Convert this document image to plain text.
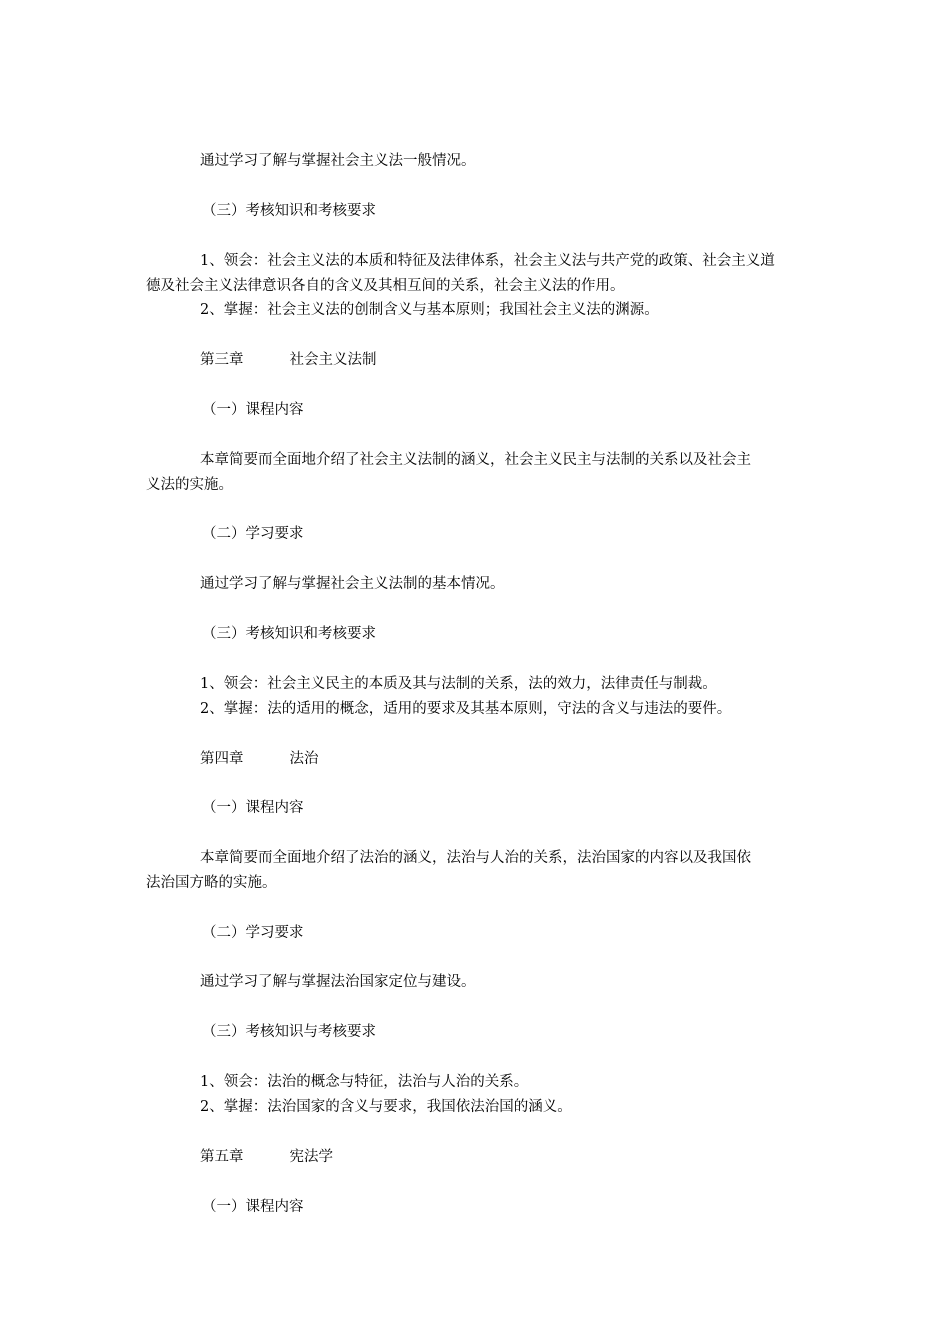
通过学习了解与掌握社会主义法一般情况。

（三）考核知识和考核要求

1、领会：社会主义法的本质和特征及法律体系，社会主义法与共产党的政策、社会主义道

德及社会主义法律意识各自的含义及其相互间的关系，社会主义法的作用。

2、掌握：社会主义法的创制含义与基本原则；我国社会主义法的渊源。

第三章	社会主义法制

（一）课程内容

本章简要而全面地介绍了社会主义法制的涵义，社会主义民主与法制的关系以及社会主

义法的实施。

（二）学习要求

通过学习了解与掌握社会主义法制的基本情况。

（三）考核知识和考核要求

1、领会：社会主义民主的本质及其与法制的关系，法的效力，法律责任与制裁。

2、掌握：法的适用的概念，适用的要求及其基本原则，守法的含义与违法的要件。

第四章	法治

（一）课程内容

本章简要而全面地介绍了法治的涵义，法治与人治的关系，法治国家的内容以及我国依

法治国方略的实施。

（二）学习要求

通过学习了解与掌握法治国家定位与建设。

（三）考核知识与考核要求

1、领会：法治的概念与特征，法治与人治的关系。

2、掌握：法治国家的含义与要求，我国依法治国的涵义。

第五章	宪法学

（一）课程内容
